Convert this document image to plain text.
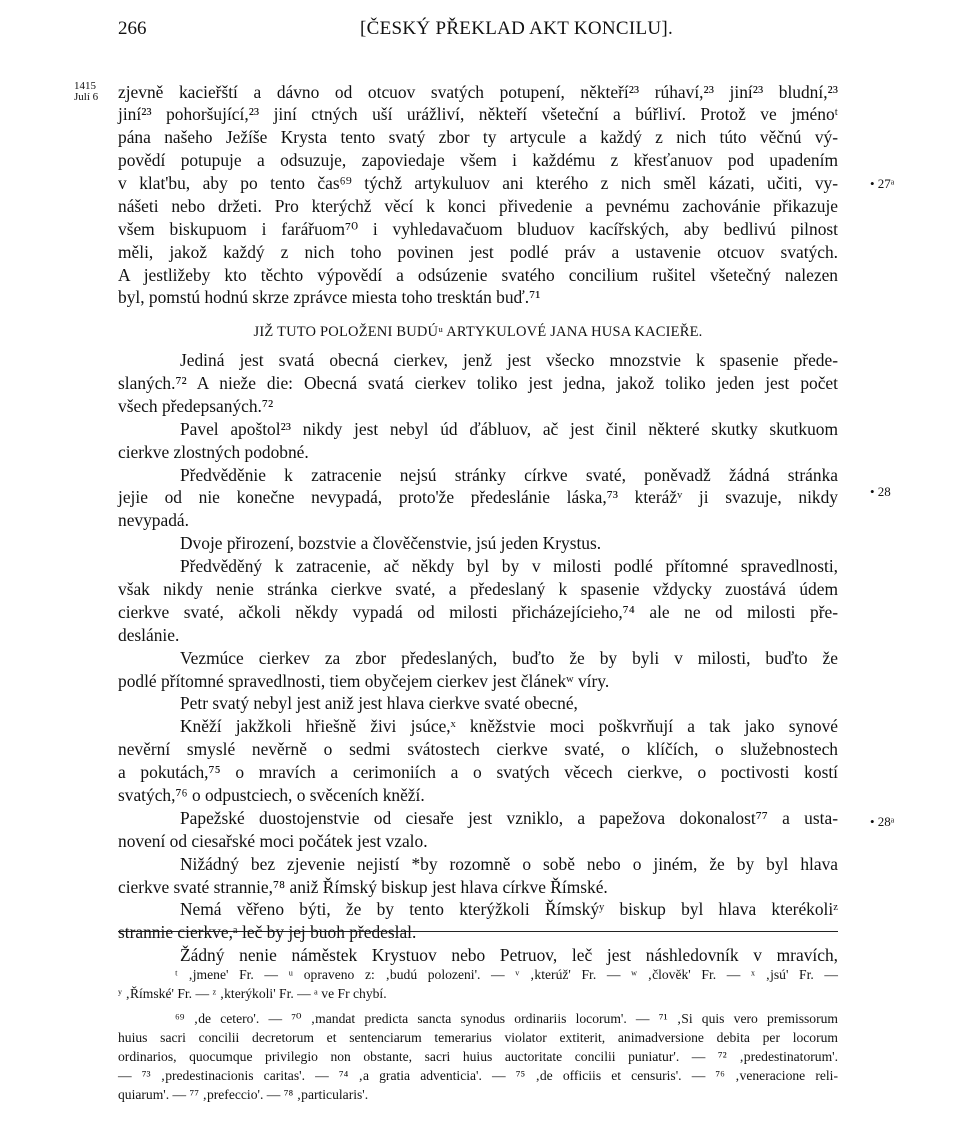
266	[ČESKÝ PŘEKLAD AKT KONCILU].
1415
Julí 6
• 27ᵃ
• 28
• 28ᵃ
zjevně kacieřští a dávno od otcuov svatých potupení, někteří²³ rúhaví,²³ jiní²³ bludní,²³
jiní²³ pohoršující,²³ jiní ctných uší urážliví, někteří všeteční a búřliví. Protož ve jménoᵗ
pána našeho Ježíše Krysta tento svatý zbor ty artycule a každý z nich túto věčnú vý-
povědí potupuje a odsuzuje, zapoviedaje všem i každému z křesťanuov pod upadením
v klat'bu, aby po tento čas⁶⁹ týchž artykuluov ani kterého z nich směl kázati, učiti, vy-
nášeti nebo držeti. Pro kterýchž věcí k konci přivedenie a pevnému zachovánie přikazuje
všem biskupuom i farářuom⁷⁰ i vyhledavačuom bluduov kacířských, aby bedlivú pilnost
měli, jakož každý z nich toho povinen jest podlé práv a ustavenie otcuov svatých.
A jestližeby kto těchto výpovědí a odsúzenie svatého concilium rušitel všetečný nalezen
byl, pomstú hodnú skrze zprávce miesta toho tresktán buď.⁷¹
JIŽ TUTO POLOŽENI BUDÚᵘ ARTYKULOVÉ JANA HUSA KACIEŘE.
Jediná jest svatá obecná cierkev, jenž jest všecko mnozstvie k spasenie přede-
slaných.⁷² A nieže die: Obecná svatá cierkev toliko jest jedna, jakož toliko jeden jest počet
všech předepsaných.⁷²
Pavel apoštol²³ nikdy jest nebyl úd ďábluov, ač jest činil některé skutky skutkuom
cierkve zlostných podobné.
Předvěděnie k zatracenie nejsú stránky církve svaté, poněvadž žádná stránka
jejie od nie konečne nevypadá, proto'že předeslánie láska,⁷³ kterážᵛ ji svazuje, nikdy
nevypadá.
Dvoje přirození, bozstvie a člověčenstvie, jsú jeden Krystus.
Předvěděný k zatracenie, ač někdy byl by v milosti podlé přítomné spravedlnosti,
však nikdy nenie stránka cierkve svaté, a předeslaný k spasenie vždycky zuostává údem
cierkve svaté, ačkoli někdy vypadá od milosti přicházejícieho,⁷⁴ ale ne od milosti pře-
deslánie.
Vezmúce cierkev za zbor předeslaných, buďto že by byli v milosti, buďto že
podlé přítomné spravedlnosti, tiem obyčejem cierkev jest článekʷ víry.
Petr svatý nebyl jest aniž jest hlava cierkve svaté obecné,
Kněží jakžkoli hřiešně živi jsúce,ˣ kněžstvie moci poškvrňují a tak jako synové
nevěrní smyslé nevěrně o sedmi svátostech cierkve svaté, o klíčích, o služebnostech
a pokutách,⁷⁵ o mravích a cerimoniích a o svatých věcech cierkve, o poctivosti kostí
svatých,⁷⁶ o odpustciech, o svěceních kněží.
Papežské duostojenstvie od ciesaře jest vzniklo, a papežova dokonalost⁷⁷ a usta-
novení od ciesařské moci počátek jest vzalo.
Nižádný bez zjevenie nejistí *by rozomně o sobě nebo o jiném, že by byl hlava
cierkve svaté strannie,⁷⁸ aniž Římský biskup jest hlava církve Římské.
Nemá věřeno býti, že by tento kterýžkoli Římskýʸ biskup byl hlava kterékoliᶻ
strannie cierkve,ᵃ leč by jej buoh předeslal.
Žádný nenie náměstek Krystuov nebo Petruov, leč jest náshledovník v mravích,
ᵗ ‚jmene' Fr. — ᵘ opraveno z: ‚budú polozeni'. — ᵛ ‚kterúž' Fr. — ʷ ‚človĕk' Fr. — ˣ ‚jsú' Fr. —
ʸ ‚Římské' Fr. — ᶻ ‚kterýkoli' Fr. — ᵃ ve Fr chybí.
⁶⁹ ‚de cetero'. — ⁷⁰ ‚mandat predicta sancta synodus ordinariis locorum'. — ⁷¹ ‚Si quis vero premissorum
huius sacri concilii decretorum et sentenciarum temerarius violator extiterit, animadversione debita per locorum
ordinarios, quocumque privilegio non obstante, sacri huius auctoritate concilii puniatur'. — ⁷² ‚predestinatorum'.
— ⁷³ ‚predestinacionis caritas'. — ⁷⁴ ‚a gratia adventicia'. — ⁷⁵ ‚de officiis et censuris'. — ⁷⁶ ‚veneracione reli-
quiarum'. — ⁷⁷ ‚prefeccio'. — ⁷⁸ ‚particularis'.
